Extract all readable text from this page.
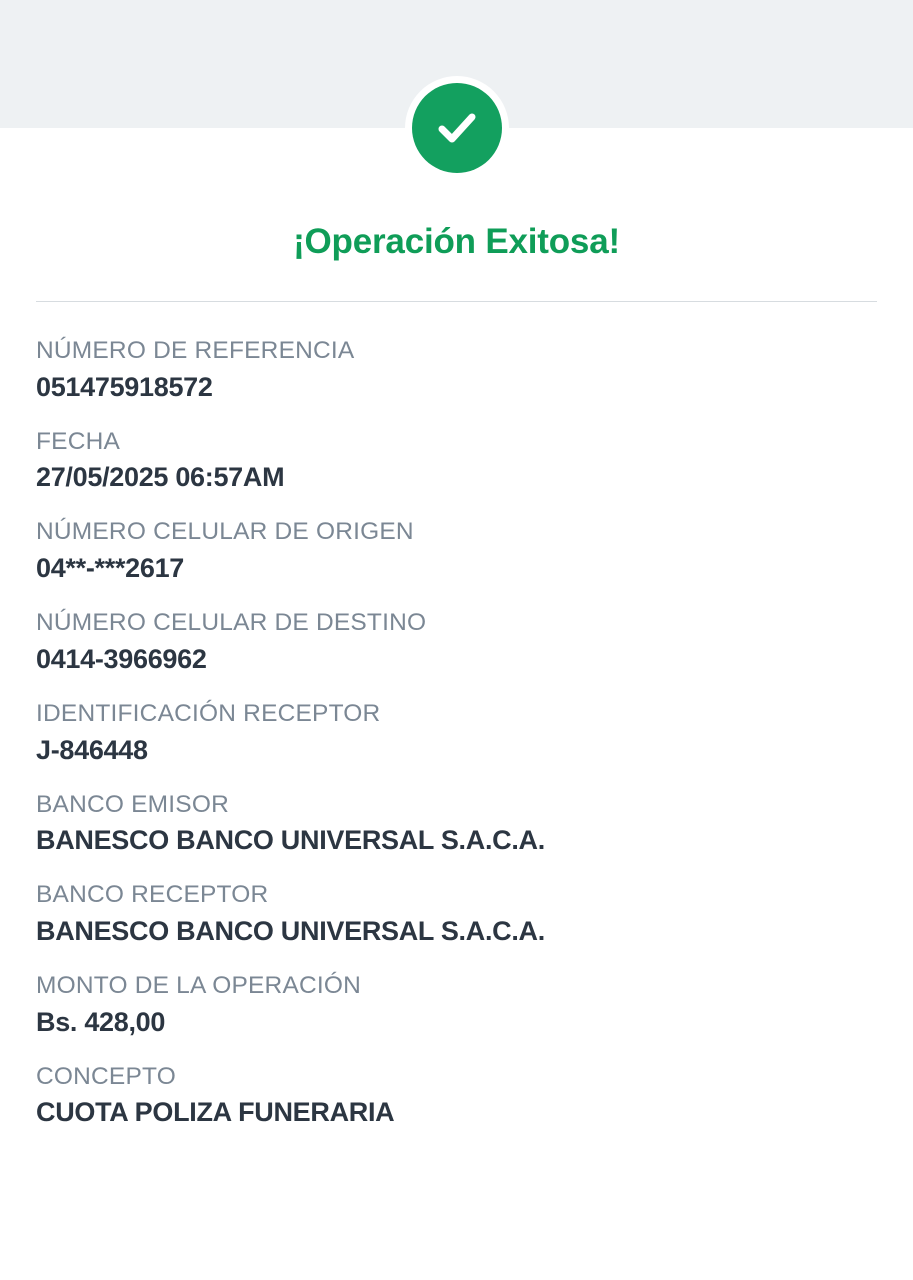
¡Operación Exitosa!
NÚMERO DE REFERENCIA
051475918572
FECHA
27/05/2025 06:57AM
NÚMERO CELULAR DE ORIGEN
04**-***2617
NÚMERO CELULAR DE DESTINO
0414-3966962
IDENTIFICACIÓN RECEPTOR
J-846448
BANCO EMISOR
BANESCO BANCO UNIVERSAL S.A.C.A.
BANCO RECEPTOR
BANESCO BANCO UNIVERSAL S.A.C.A.
MONTO DE LA OPERACIÓN
Bs. 428,00
CONCEPTO
CUOTA POLIZA FUNERARIA
